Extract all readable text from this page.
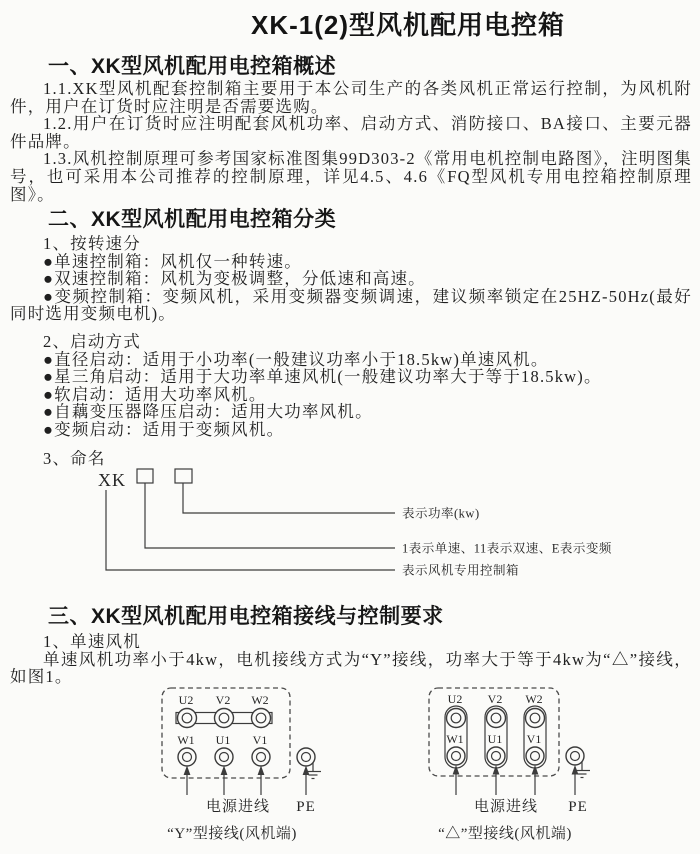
XK-1(2)型风机配用电控箱
一、XK型风机配用电控箱概述

1.1.XK型风机配套控制箱主要用于本公司生产的各类风机正常运行控制，为风机附件，用户在订货时应注明是否需要选购。

1.2.用户在订货时应注明配套风机功率、启动方式、消防接口、BA接口、主要元器件品牌。

1.3.风机控制原理可参考国家标准图集99D303-2《常用电机控制电路图》，注明图集号，也可采用本公司推荐的控制原理，详见4.5、4.6《FQ型风机专用电控箱控制原理图》。

二、XK型风机配用电控箱分类

1、按转速分

●单速控制箱：风机仅一种转速。

●双速控制箱：风机为变极调整，分低速和高速。

●变频控制箱：变频风机，采用变频器变频调速，建议频率锁定在25HZ-50Hz(最好同时选用变频电机)。

2、启动方式

●直径启动：适用于小功率(一般建议功率小于18.5kw)单速风机。

●星三角启动：适用于大功率单速风机(一般建议功率大于等于18.5kw)。

●软启动：适用大功率风机。

●自藕变压器降压启动：适用大功率风机。

●变频启动：适用于变频风机。

3、命名

XK
表示功率(kw)
1表示单速、11表示双速、E表示变频
表示风机专用控制箱
三、XK型风机配用电控箱接线与控制要求

1、单速风机

单速风机功率小于4kw，电机接线方式为“Y”接线，功率大于等于4kw为“△”接线，如图1。

U2 V2 W2
W1 U1 V1
电源进线 PE
“Y”型接线(风机端)
U2 V2 W2
W1 U1 V1
电源进线 PE
“△”型接线(风机端)
